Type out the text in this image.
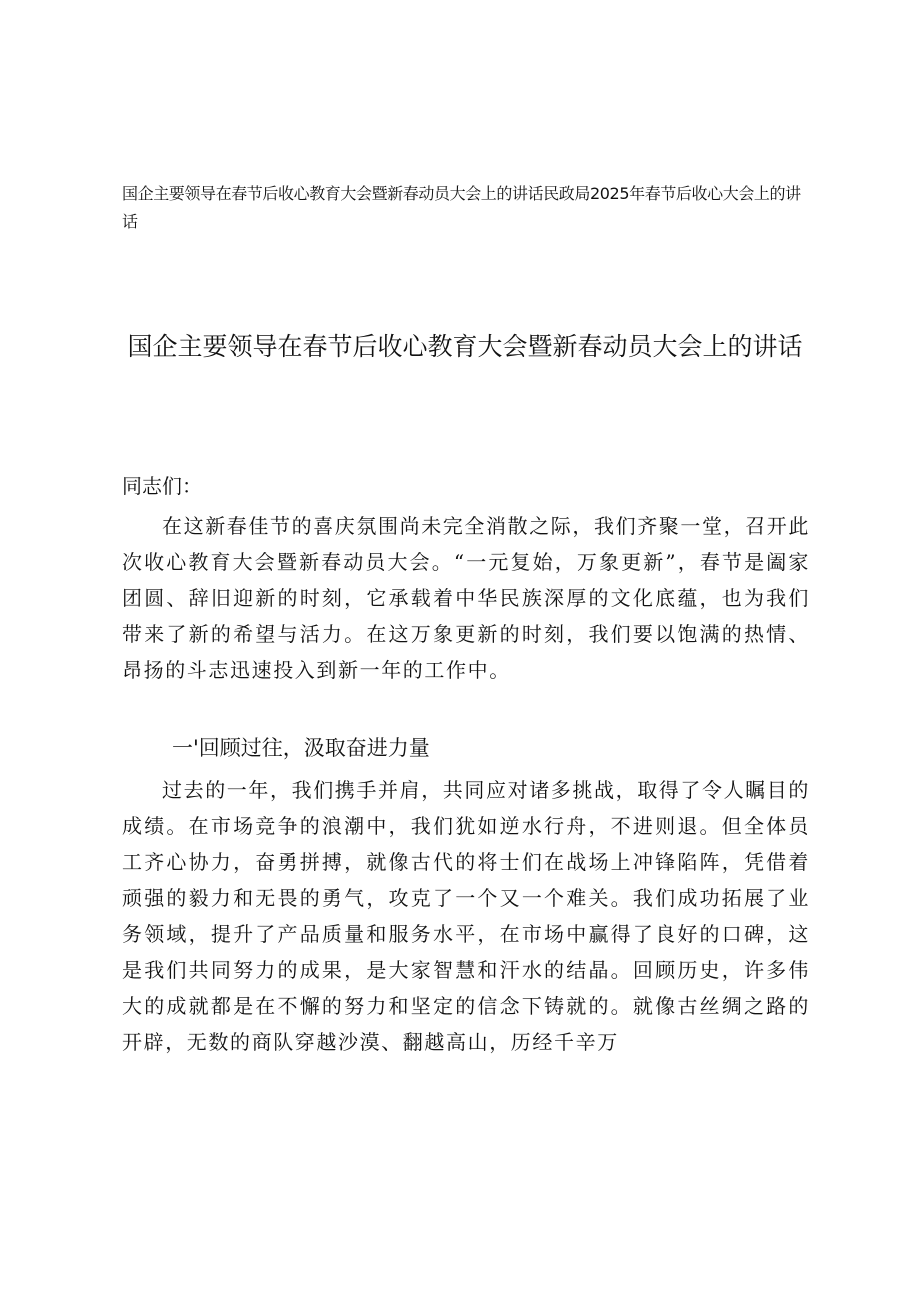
国企主要领导在春节后收心教育大会暨新春动员大会上的讲话民政局2025年春节后收心大会上的讲话
国企主要领导在春节后收心教育大会暨新春动员大会上的讲话
同志们：
在这新春佳节的喜庆氛围尚未完全消散之际，我们齐聚一堂，召开此次收心教育大会暨新春动员大会。“一元复始，万象更新”，春节是阖家团圆、辞旧迎新的时刻，它承载着中华民族深厚的文化底蕴，也为我们带来了新的希望与活力。在这万象更新的时刻，我们要以饱满的热情、昂扬的斗志迅速投入到新一年的工作中。
一'回顾过往，汲取奋进力量
过去的一年，我们携手并肩，共同应对诸多挑战，取得了令人瞩目的成绩。在市场竞争的浪潮中，我们犹如逆水行舟，不进则退。但全体员工齐心协力，奋勇拼搏，就像古代的将士们在战场上冲锋陷阵，凭借着顽强的毅力和无畏的勇气，攻克了一个又一个难关。我们成功拓展了业务领域，提升了产品质量和服务水平，在市场中赢得了良好的口碑，这是我们共同努力的成果，是大家智慧和汗水的结晶。回顾历史，许多伟大的成就都是在不懈的努力和坚定的信念下铸就的。就像古丝绸之路的开辟，无数的商队穿越沙漠、翻越高山，历经千辛万
